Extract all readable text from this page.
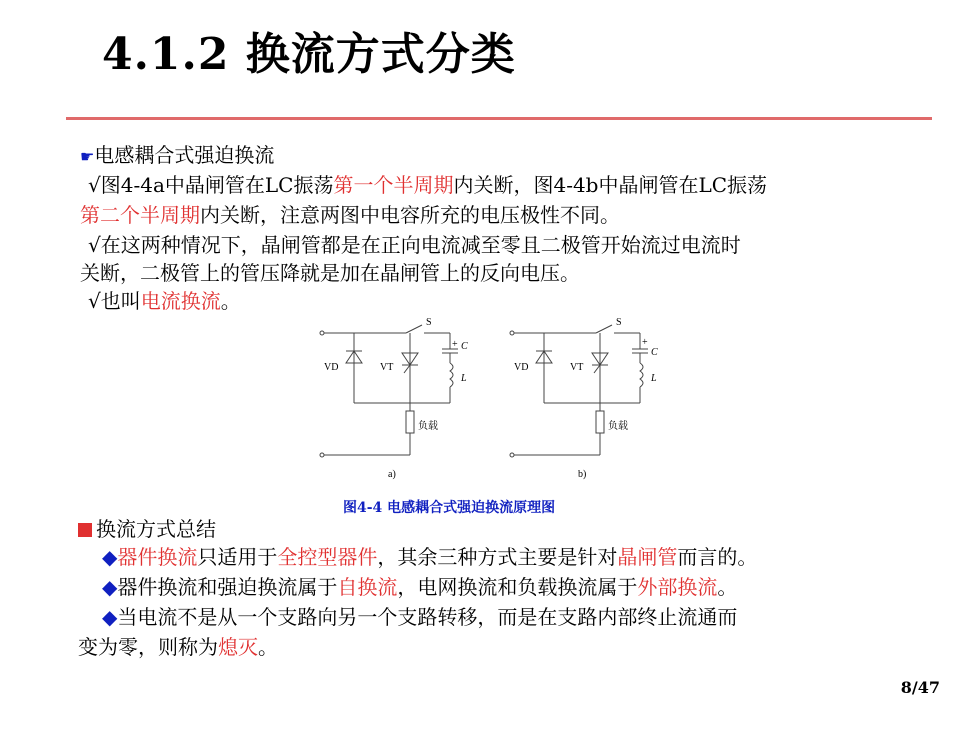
4.1.2 换流方式分类
☛电感耦合式强迫换流
√图4-4a中晶闸管在LC振荡第一个半周期内关断，图4-4b中晶闸管在LC振荡
第二个半周期内关断，注意两图中电容所充的电压极性不同。
√在这两种情况下，晶闸管都是在正向电流减至零且二极管开始流过电流时
关断，二极管上的管压降就是加在晶闸管上的反向电压。
√也叫电流换流。
VD	VT
S
C
+
L
负载
a)
VD	VT
S
C
+
L
负载
b)
图4-4 电感耦合式强迫换流原理图
换流方式总结
◆器件换流只适用于全控型器件，其余三种方式主要是针对晶闸管而言的。
◆器件换流和强迫换流属于自换流，电网换流和负载换流属于外部换流。
◆当电流不是从一个支路向另一个支路转移，而是在支路内部终止流通而
变为零，则称为熄灭。
8/47
